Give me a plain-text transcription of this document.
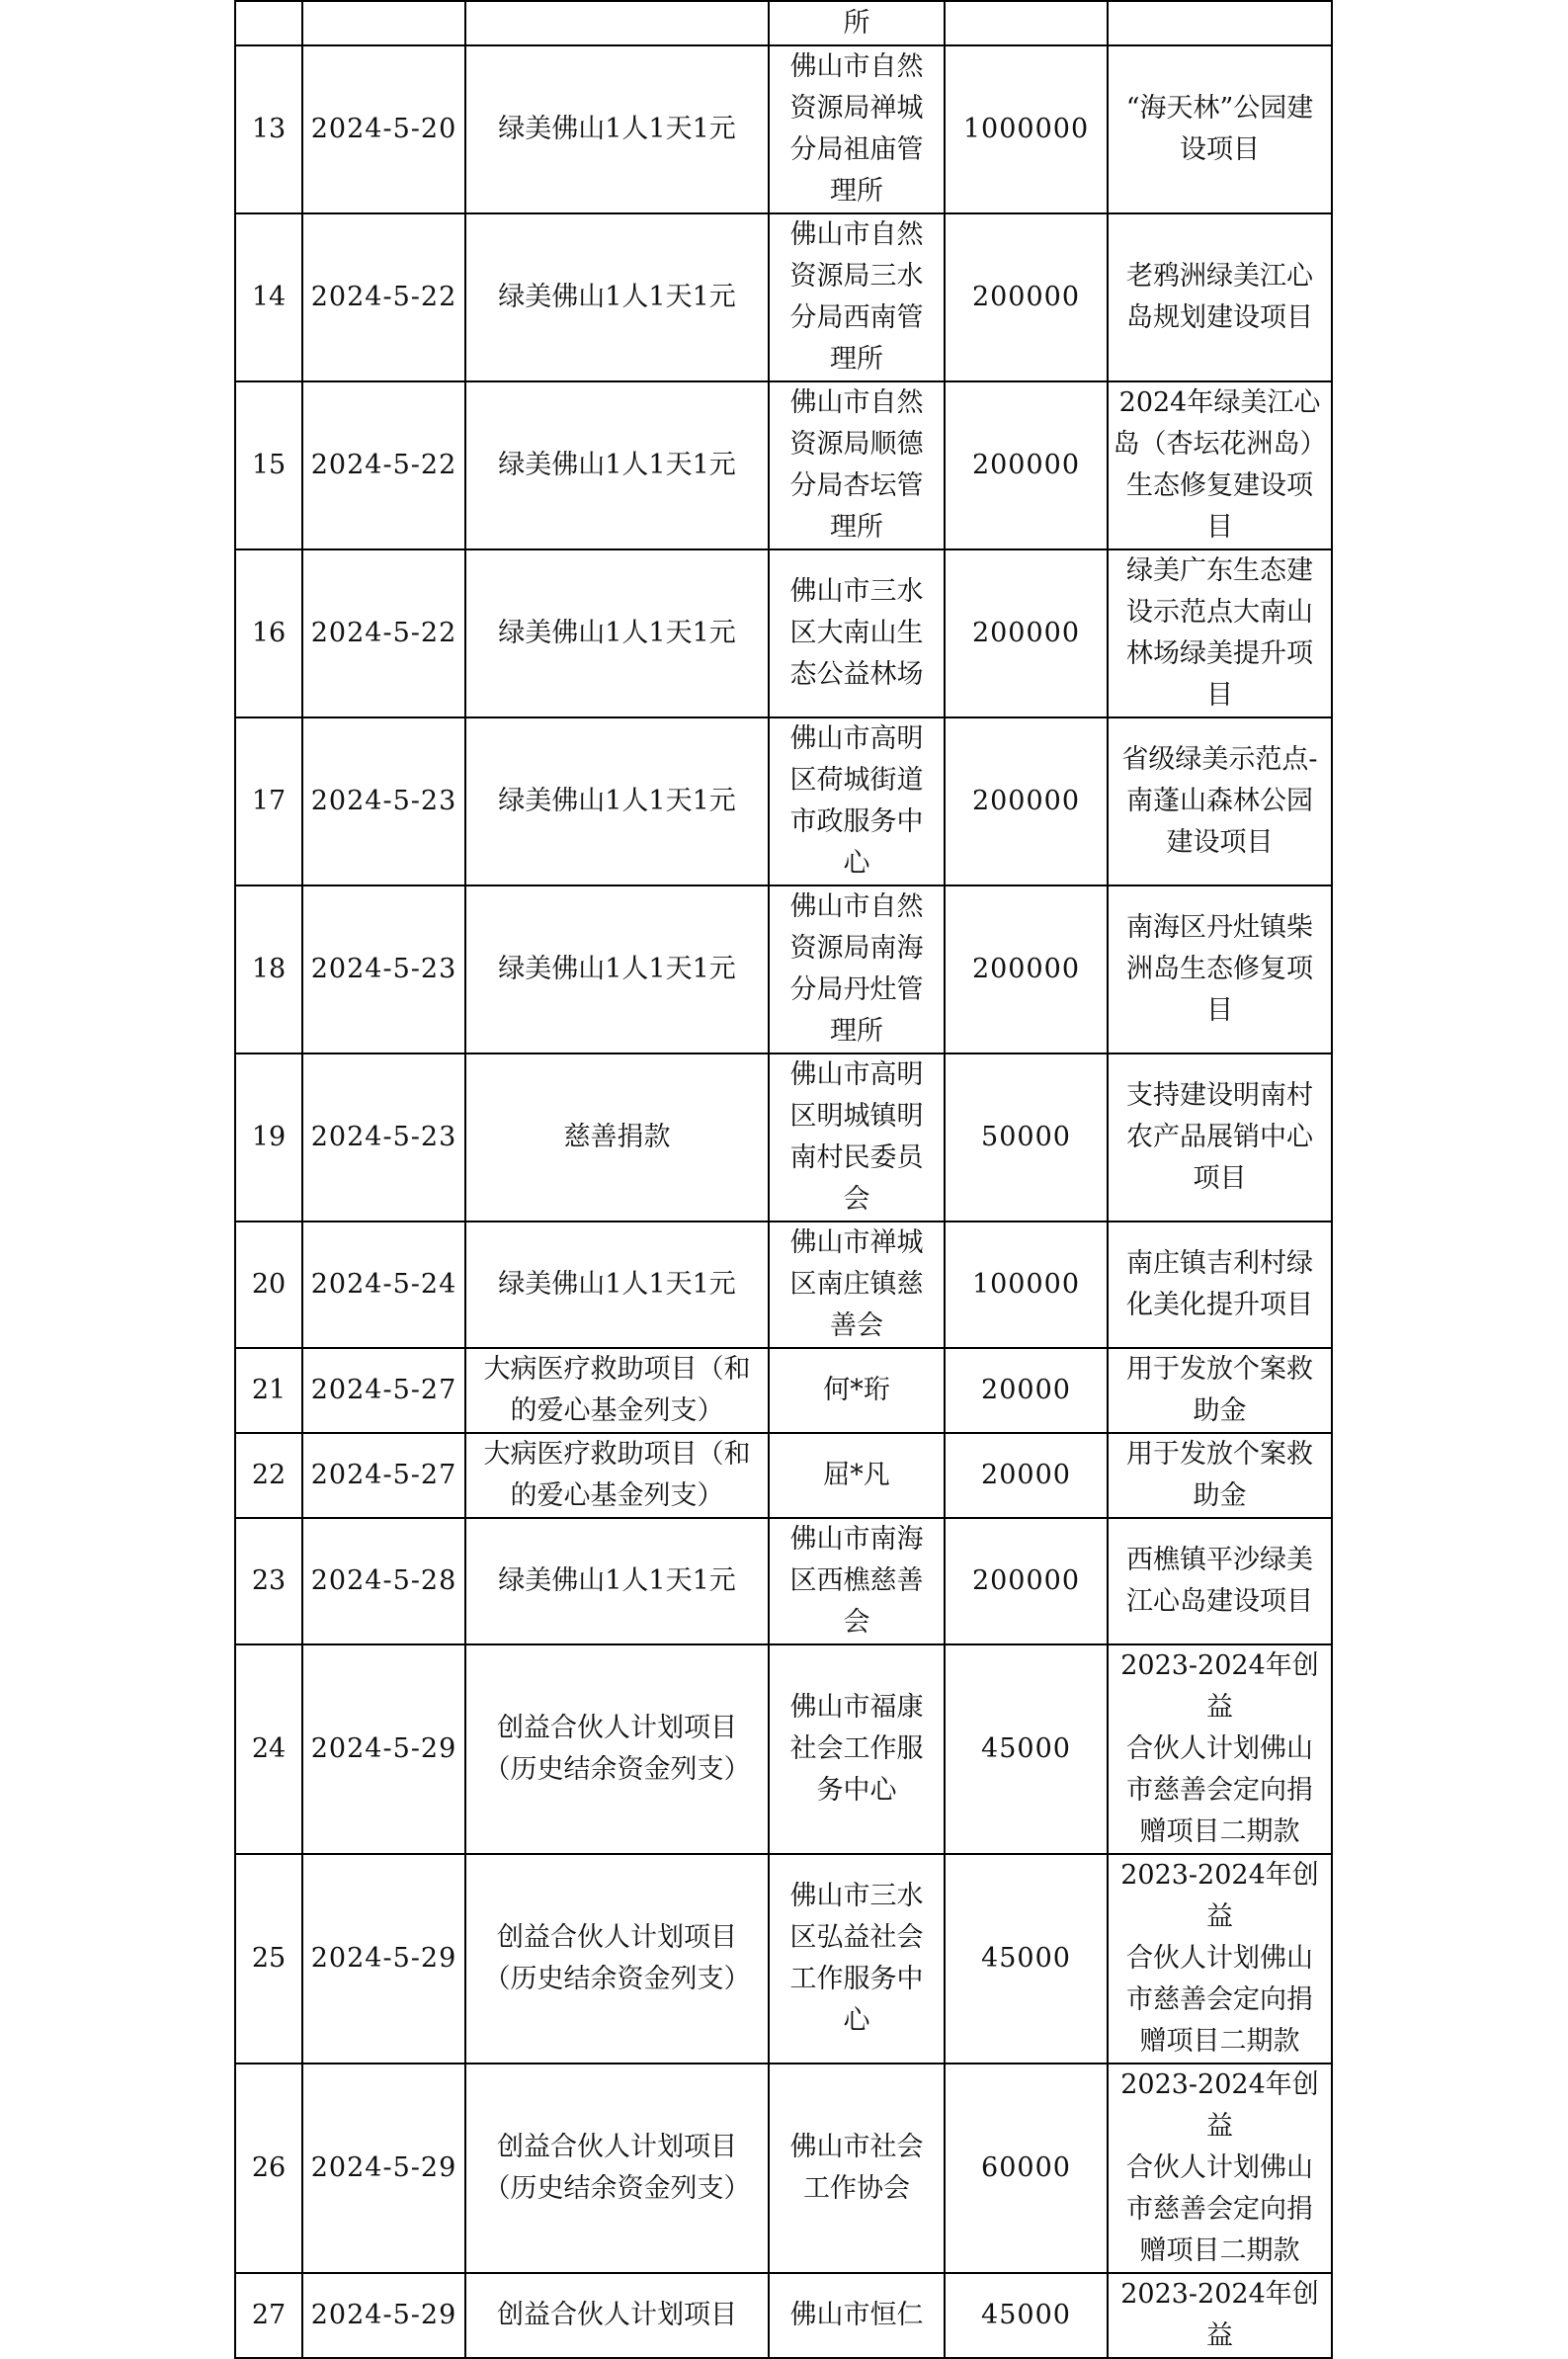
			所		

13	2024-5-20	绿美佛山1人1天1元	佛山市自然
资源局禅城
分局祖庙管
理所	1000000	“海天林”公园建
设项目

14	2024-5-22	绿美佛山1人1天1元	佛山市自然
资源局三水
分局西南管
理所	200000	老鸦洲绿美江心
岛规划建设项目

15	2024-5-22	绿美佛山1人1天1元	佛山市自然
资源局顺德
分局杏坛管
理所	200000	2024年绿美江心
岛（杏坛花洲岛）
生态修复建设项
目

16	2024-5-22	绿美佛山1人1天1元	佛山市三水
区大南山生
态公益林场	200000	绿美广东生态建
设示范点大南山
林场绿美提升项
目

17	2024-5-23	绿美佛山1人1天1元	佛山市高明
区荷城街道
市政服务中
心	200000	省级绿美示范点-
南蓬山森林公园
建设项目

18	2024-5-23	绿美佛山1人1天1元	佛山市自然
资源局南海
分局丹灶管
理所	200000	南海区丹灶镇柴
洲岛生态修复项
目

19	2024-5-23	慈善捐款	佛山市高明
区明城镇明
南村民委员
会	50000	支持建设明南村
农产品展销中心
项目

20	2024-5-24	绿美佛山1人1天1元	佛山市禅城
区南庄镇慈
善会	100000	南庄镇吉利村绿
化美化提升项目

21	2024-5-27	大病医疗救助项目（和
的爱心基金列支）	何*珩	20000	用于发放个案救
助金

22	2024-5-27	大病医疗救助项目（和
的爱心基金列支）	屈*凡	20000	用于发放个案救
助金

23	2024-5-28	绿美佛山1人1天1元	佛山市南海
区西樵慈善
会	200000	西樵镇平沙绿美
江心岛建设项目

24	2024-5-29	创益合伙人计划项目
（历史结余资金列支）	佛山市福康
社会工作服
务中心	45000	2023-2024年创益
合伙人计划佛山
市慈善会定向捐
赠项目二期款

25	2024-5-29	创益合伙人计划项目
（历史结余资金列支）	佛山市三水
区弘益社会
工作服务中
心	45000	2023-2024年创益
合伙人计划佛山
市慈善会定向捐
赠项目二期款

26	2024-5-29	创益合伙人计划项目
（历史结余资金列支）	佛山市社会
工作协会	60000	2023-2024年创益
合伙人计划佛山
市慈善会定向捐
赠项目二期款

27	2024-5-29	创益合伙人计划项目	佛山市恒仁	45000	2023-2024年创益
